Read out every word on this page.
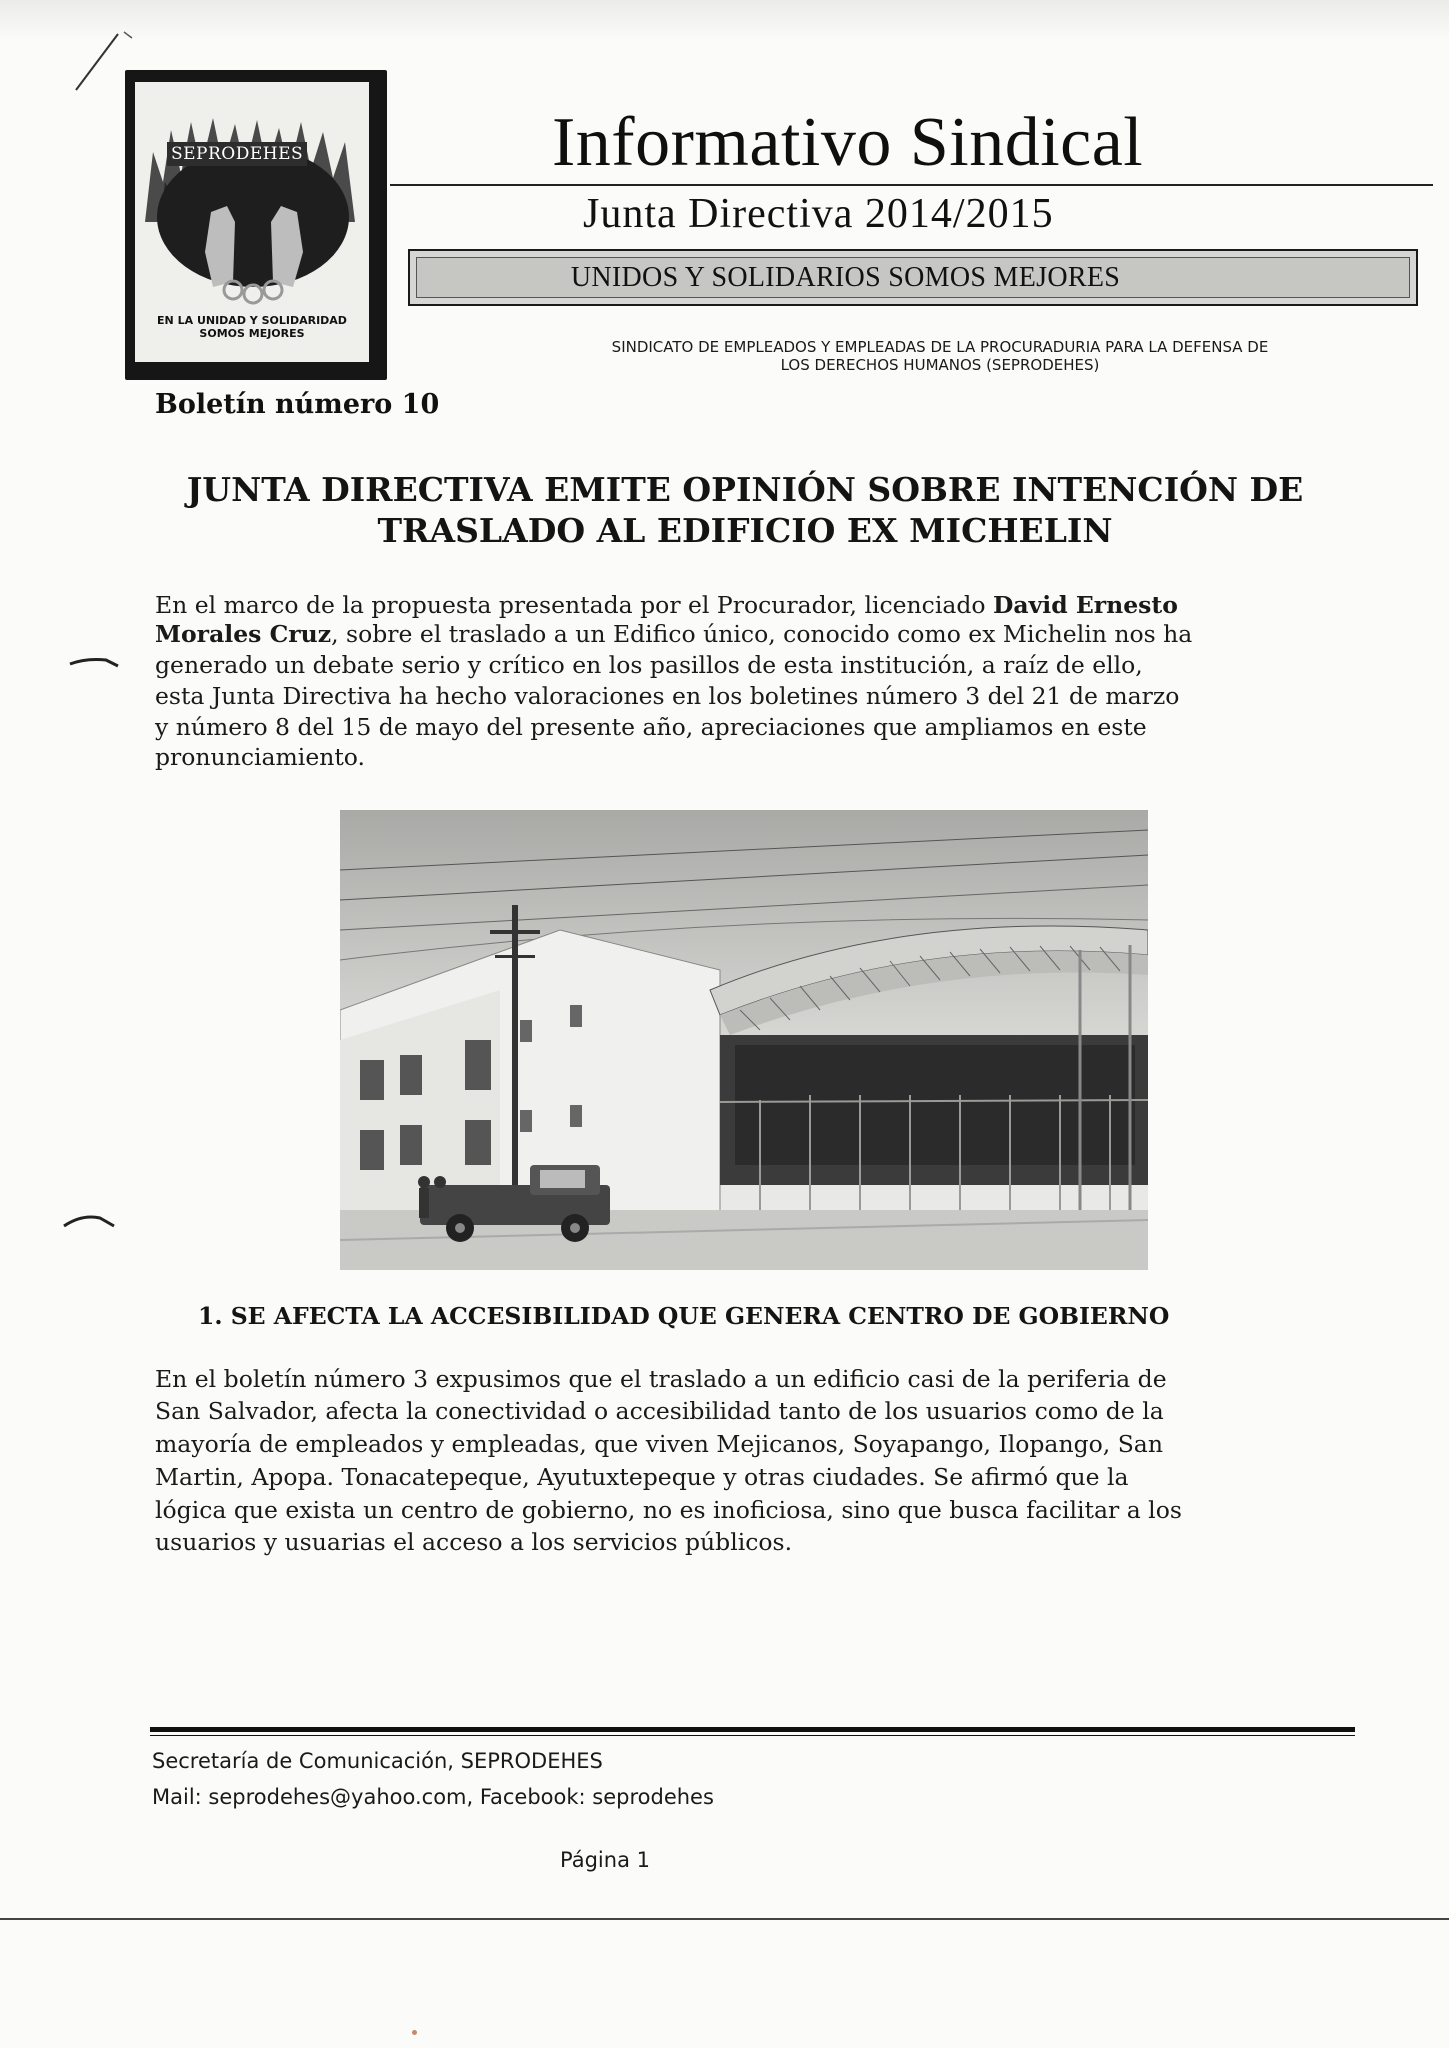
SEPRODEHES
EN LA UNIDAD Y SOLIDARIDAD
SOMOS MEJORES
Informativo Sindical
Junta Directiva 2014/2015
UNIDOS Y SOLIDARIOS SOMOS MEJORES
SINDICATO DE EMPLEADOS Y EMPLEADAS DE LA PROCURADURIA PARA LA DEFENSA DE
LOS DERECHOS HUMANOS (SEPRODEHES)
Boletín número 10
JUNTA DIRECTIVA EMITE OPINIÓN SOBRE INTENCIÓN DE
TRASLADO AL EDIFICIO EX MICHELIN
En el marco de la propuesta presentada por el Procurador, licenciado David Ernesto
Morales Cruz, sobre el traslado a un Edifico único, conocido como ex Michelin nos ha
generado un debate serio y crítico en los pasillos de esta institución, a raíz de ello,
esta Junta Directiva ha hecho valoraciones en los boletines número 3 del 21 de marzo
y número 8 del 15 de mayo del presente año, apreciaciones que ampliamos en este
pronunciamiento.
1. SE AFECTA LA ACCESIBILIDAD QUE GENERA CENTRO DE GOBIERNO
En el boletín número 3 expusimos que el traslado a un edificio casi de la periferia de
San Salvador, afecta la conectividad o accesibilidad tanto de los usuarios como de la
mayoría de empleados y empleadas, que viven Mejicanos, Soyapango, Ilopango, San
Martin, Apopa. Tonacatepeque, Ayutuxtepeque y otras ciudades. Se afirmó que la
lógica que exista un centro de gobierno, no es inoficiosa, sino que busca facilitar a los
usuarios y usuarias el acceso a los servicios públicos.
Secretaría de Comunicación, SEPRODEHES
Mail: seprodehes@yahoo.com, Facebook: seprodehes
Página 1
